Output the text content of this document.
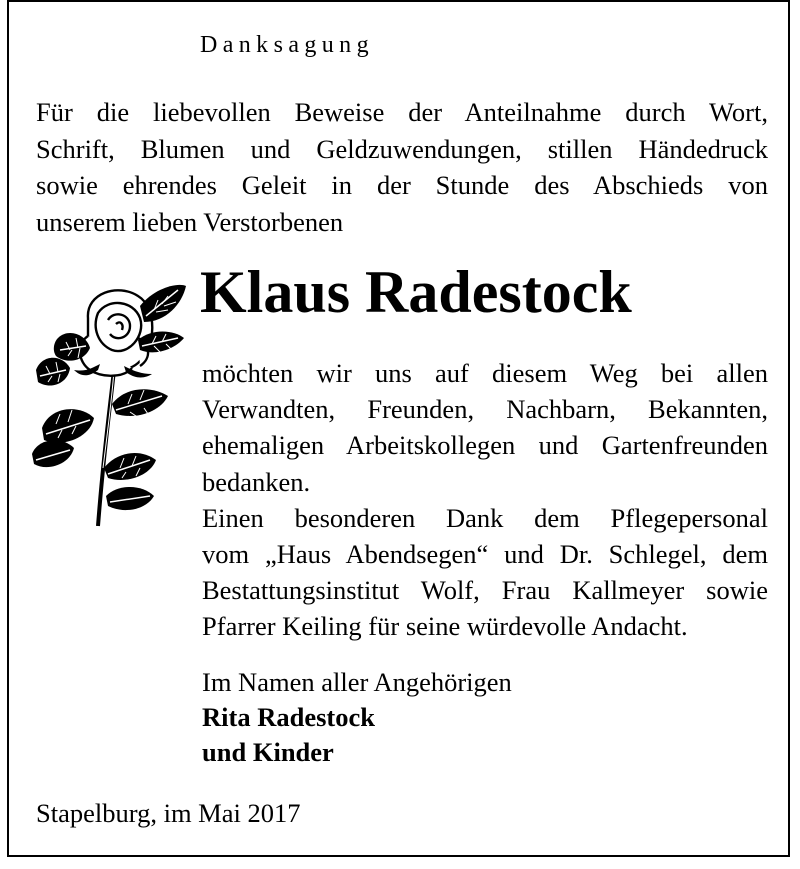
Danksagung
Für die liebevollen Beweise der Anteilnahme durch Wort,
Schrift, Blumen und Geldzuwendungen, stillen Händedruck
sowie ehrendes Geleit in der Stunde des Abschieds von
unserem lieben Verstorbenen
Klaus Radestock
möchten wir uns auf diesem Weg bei allen
Verwandten, Freunden, Nachbarn, Bekannten,
ehemaligen Arbeitskollegen und Gartenfreunden
bedanken.
Einen besonderen Dank dem Pflegepersonal
vom „Haus Abendsegen“ und Dr. Schlegel, dem
Bestattungsinstitut Wolf, Frau Kallmeyer sowie
Pfarrer Keiling für seine würdevolle Andacht.
Im Namen aller Angehörigen
Rita Radestock
und Kinder
Stapelburg, im Mai 2017
